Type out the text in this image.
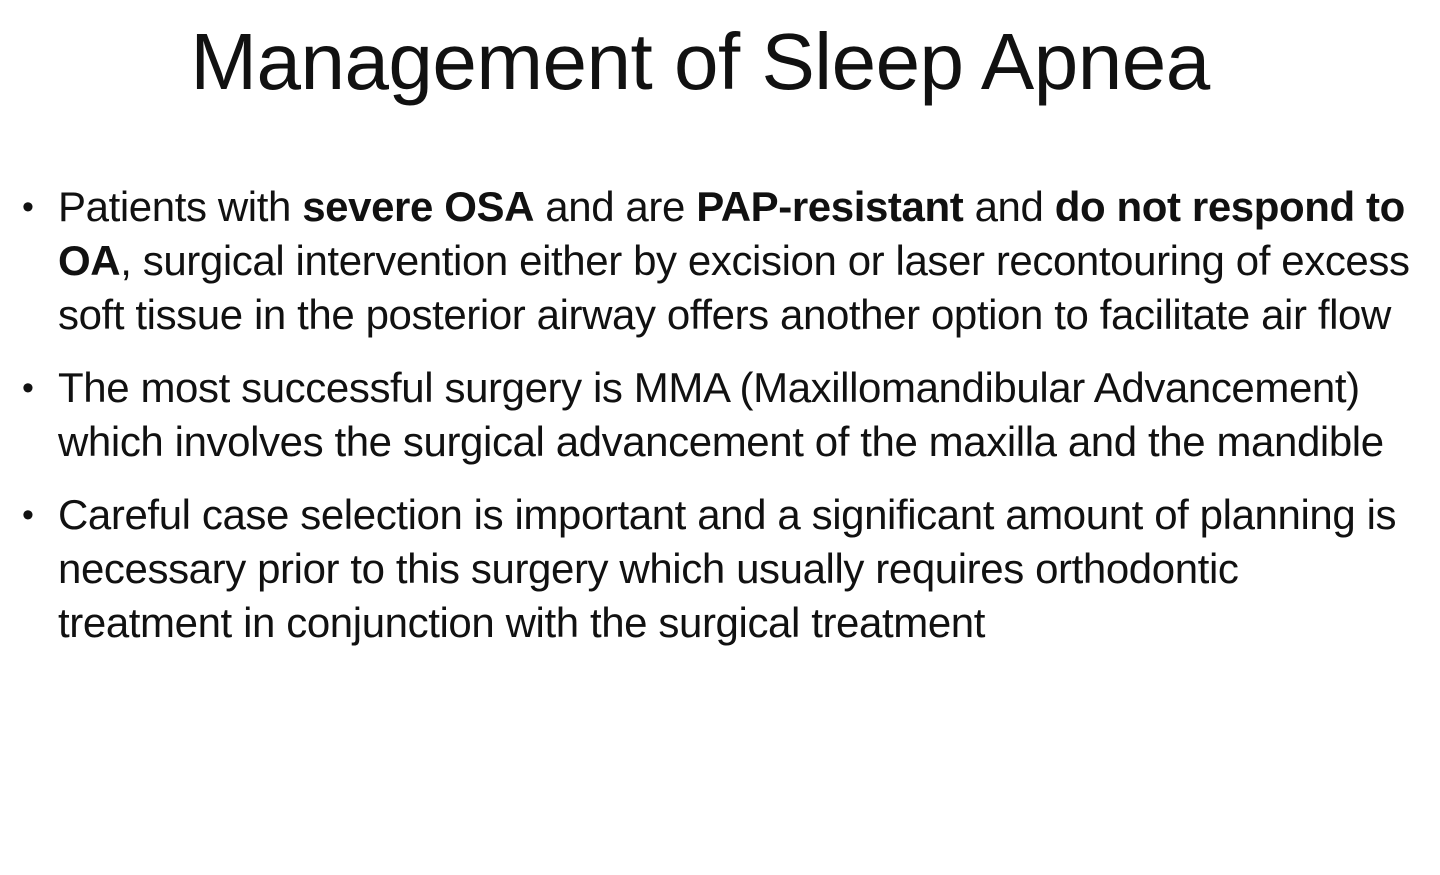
Management of Sleep Apnea
• Patients with severe OSA and are PAP-resistant and do not respond to OA, surgical intervention either by excision or laser recontouring of excess soft tissue in the posterior airway offers another option to facilitate air flow
• The most successful surgery is MMA (Maxillomandibular Advancement) which involves the surgical advancement of the maxilla and the mandible
• Careful case selection is important and a significant amount of planning is necessary prior to this surgery which usually requires orthodontic treatment in conjunction with the surgical treatment
